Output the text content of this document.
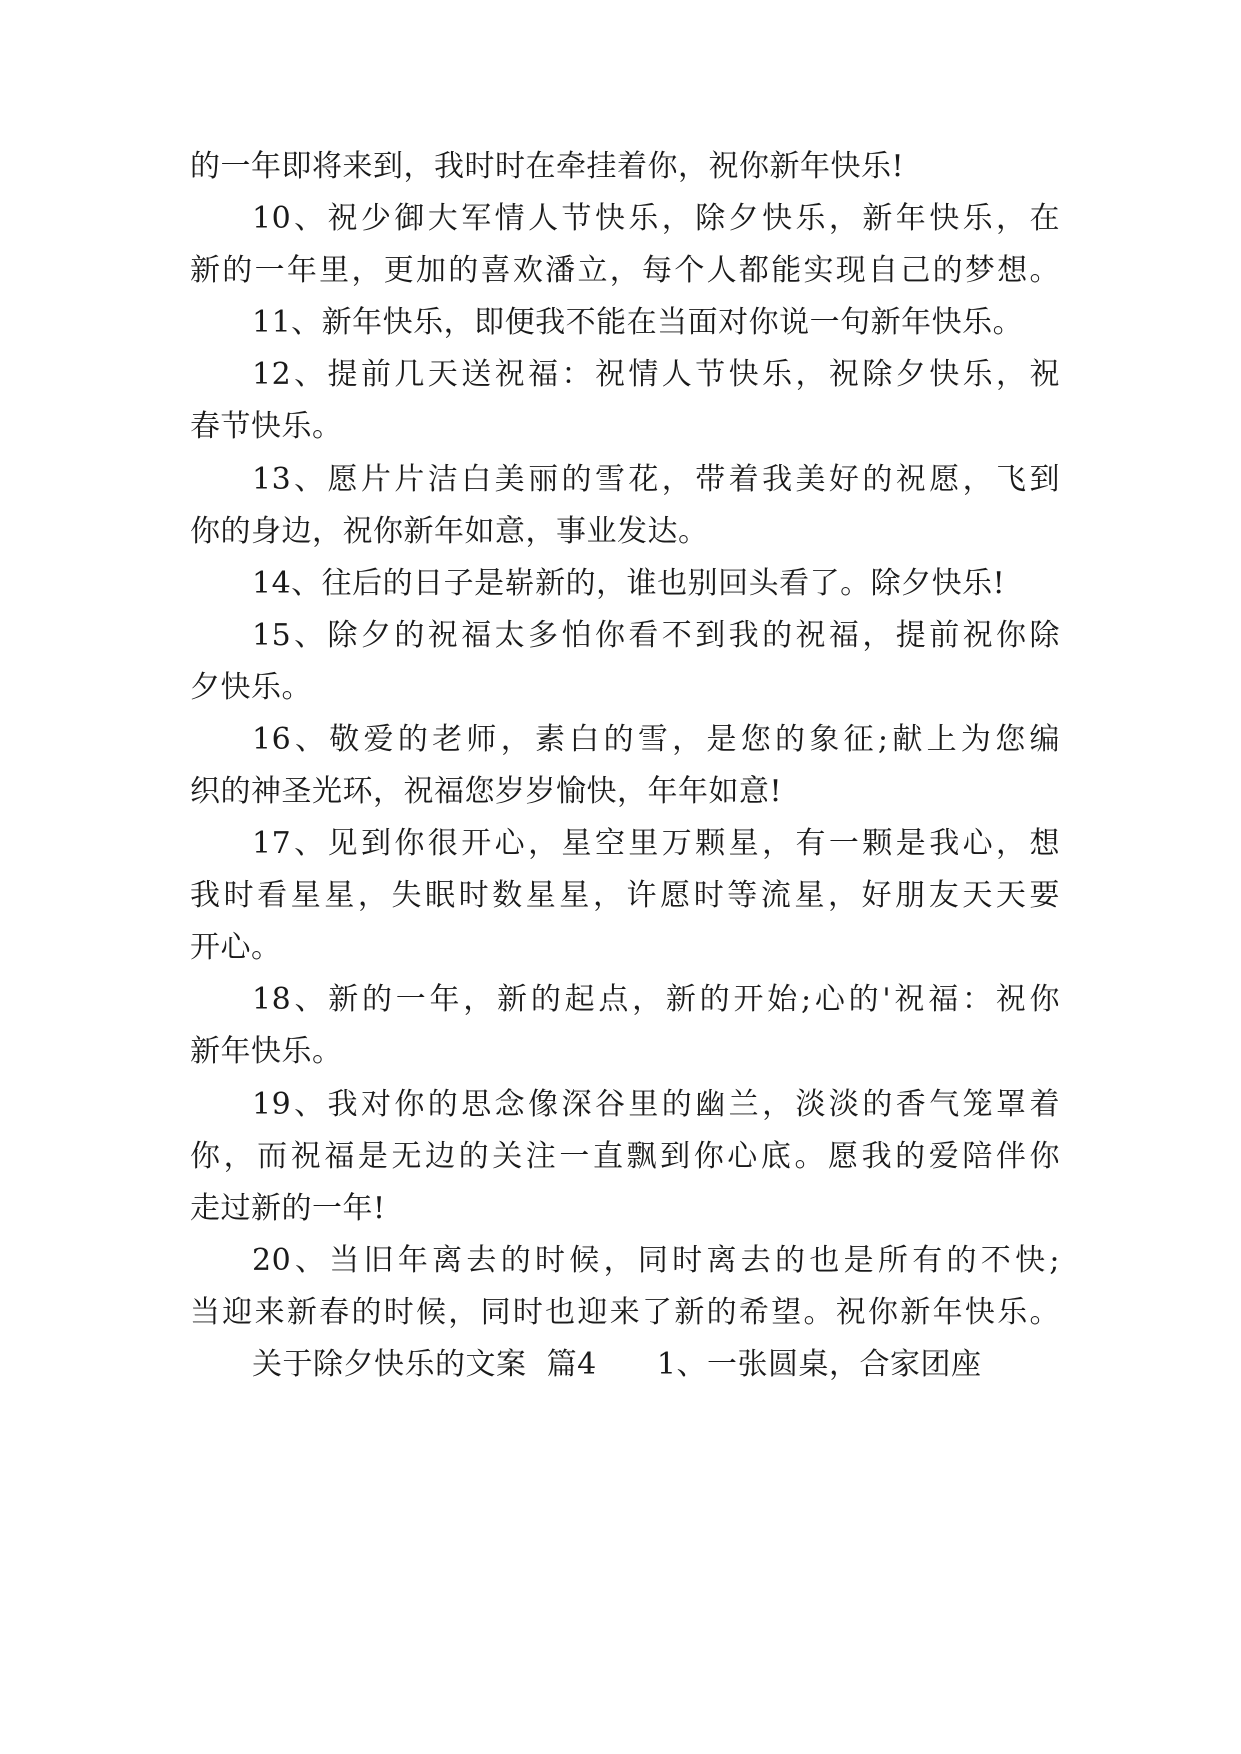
的一年即将来到，我时时在牵挂着你，祝你新年快乐!
10、祝少御大军情人节快乐，除夕快乐，新年快乐，在
新的一年里，更加的喜欢潘立，每个人都能实现自己的梦想。
11、新年快乐，即便我不能在当面对你说一句新年快乐。
12、提前几天送祝福：祝情人节快乐，祝除夕快乐，祝
春节快乐。
13、愿片片洁白美丽的雪花，带着我美好的祝愿，飞到
你的身边，祝你新年如意，事业发达。
14、往后的日子是崭新的，谁也别回头看了。除夕快乐!
15、除夕的祝福太多怕你看不到我的祝福，提前祝你除
夕快乐。
16、敬爱的老师，素白的雪，是您的象征;献上为您编
织的神圣光环，祝福您岁岁愉快，年年如意!
17、见到你很开心，星空里万颗星，有一颗是我心，想
我时看星星，失眠时数星星，许愿时等流星，好朋友天天要
开心。
18、新的一年，新的起点，新的开始;心的'祝福：祝你
新年快乐。
19、我对你的思念像深谷里的幽兰，淡淡的香气笼罩着
你，而祝福是无边的关注一直飘到你心底。愿我的爱陪伴你
走过新的一年!
20、当旧年离去的时候，同时离去的也是所有的不快;
当迎来新春的时候，同时也迎来了新的希望。祝你新年快乐。
关于除夕快乐的文案  篇4      1、一张圆桌，合家团座
